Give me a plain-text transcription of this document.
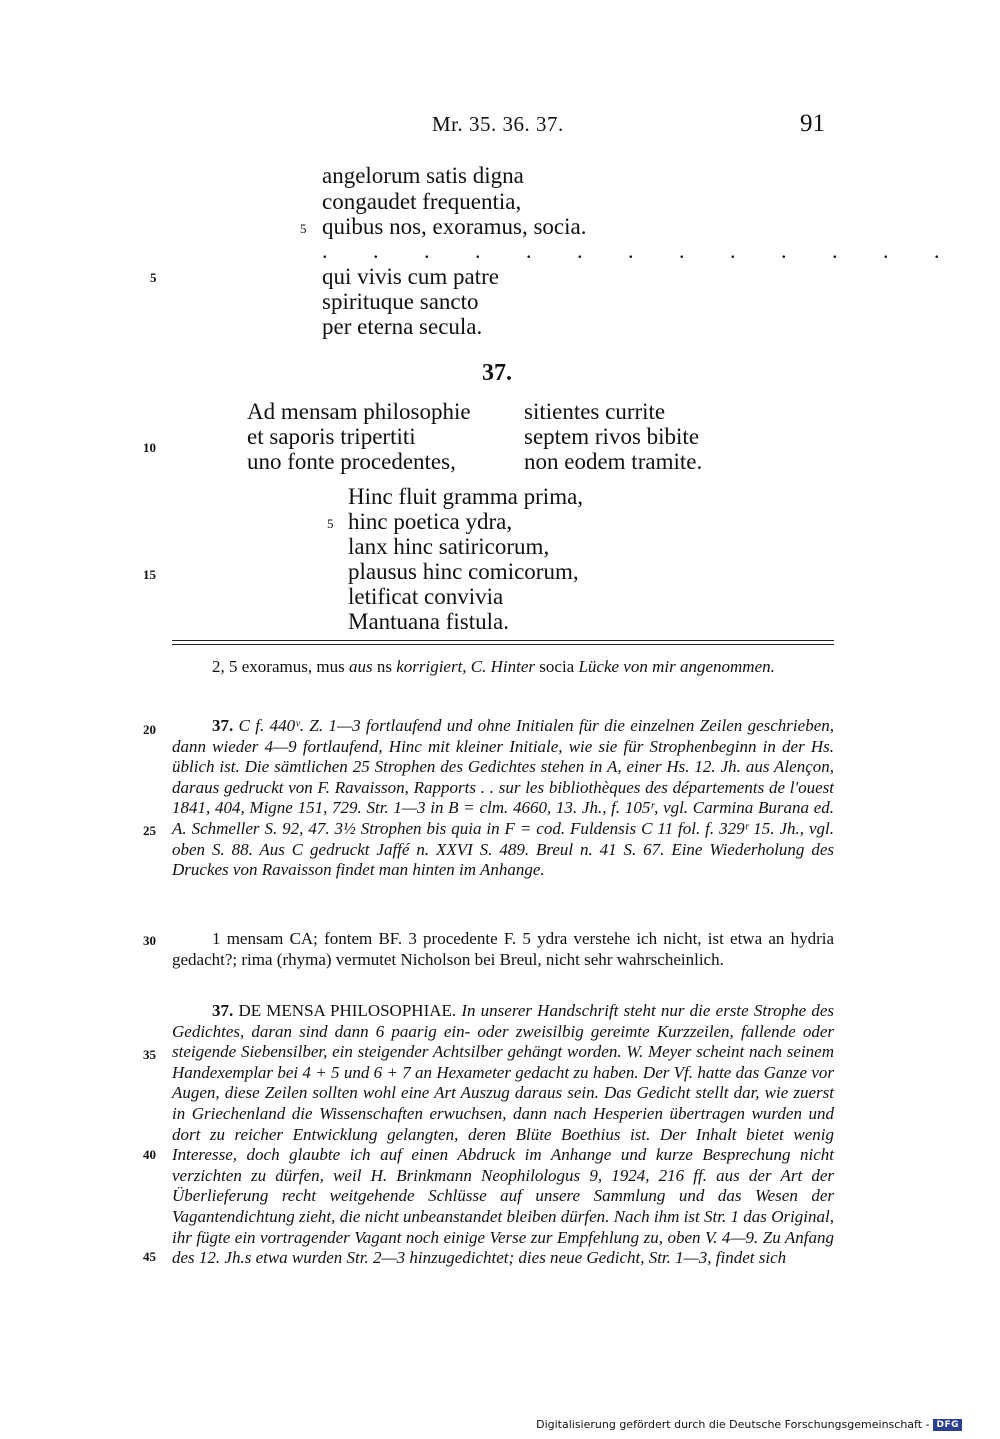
Mr. 35. 36. 37.	91
angelorum satis digna
congaudet frequentia,
5 quibus nos, exoramus, socia.
. . . . . . . . . . . . .
qui vivis cum patre
spirituque sancto
per eterna secula.
5
10
15
20
25
30
35
40
45
37.
Ad mensam philosophie
et saporis tripertiti
uno fonte procedentes,
sitientes currite
septem rivos bibite
non eodem tramite.
Hinc fluit gramma prima,
5 hinc poetica ydra,
lanx hinc satiricorum,
plausus hinc comicorum,
letificat convivia
Mantuana fistula.

2, 5 exoramus, mus aus ns korrigiert, C. Hinter socia Lücke von mir angenommen.

37. C f. 440ᵛ. Z. 1—3 fortlaufend und ohne Initialen für die einzelnen Zeilen geschrieben, dann wieder 4—9 fortlaufend, Hinc mit kleiner Initiale, wie sie für Strophenbeginn in der Hs. üblich ist. Die sämtlichen 25 Strophen des Gedichtes stehen in A, einer Hs. 12. Jh. aus Alençon, daraus gedruckt von F. Ravaisson, Rapports . . sur les bibliothèques des départements de l'ouest 1841, 404, Migne 151, 729. Str. 1—3 in B = clm. 4660, 13. Jh., f. 105ʳ, vgl. Carmina Burana ed. A. Schmeller S. 92, 47. 3½ Strophen bis quia in F = cod. Fuldensis C 11 fol. f. 329ʳ 15. Jh., vgl. oben S. 88. Aus C gedruckt Jaffé n. XXVI S. 489. Breul n. 41 S. 67. Eine Wiederholung des Druckes von Ravaisson findet man hinten im Anhange.

1 mensam CA; fontem BF. 3 procedente F. 5 ydra verstehe ich nicht, ist etwa an hydria gedacht?; rima (rhyma) vermutet Nicholson bei Breul, nicht sehr wahrscheinlich.

37. DE MENSA PHILOSOPHIAE. In unserer Handschrift steht nur die erste Strophe des Gedichtes, daran sind dann 6 paarig ein- oder zweisilbig gereimte Kurzzeilen, fallende oder steigende Siebensilber, ein steigender Achtsilber gehängt worden. W. Meyer scheint nach seinem Handexemplar bei 4 + 5 und 6 + 7 an Hexameter gedacht zu haben. Der Vf. hatte das Ganze vor Augen, diese Zeilen sollten wohl eine Art Auszug daraus sein. Das Gedicht stellt dar, wie zuerst in Griechenland die Wissenschaften erwuchsen, dann nach Hesperien übertragen wurden und dort zu reicher Entwicklung gelangten, deren Blüte Boethius ist. Der Inhalt bietet wenig Interesse, doch glaubte ich auf einen Abdruck im Anhange und kurze Besprechung nicht verzichten zu dürfen, weil H. Brinkmann Neophilologus 9, 1924, 216 ff. aus der Art der Überlieferung recht weitgehende Schlüsse auf unsere Sammlung und das Wesen der Vagantendichtung zieht, die nicht unbeanstandet bleiben dürfen. Nach ihm ist Str. 1 das Original, ihr fügte ein vortragender Vagant noch einige Verse zur Empfehlung zu, oben V. 4—9. Zu Anfang des 12. Jh.s etwa wurden Str. 2—3 hinzugedichtet; dies neue Gedicht, Str. 1—3, findet sich

Digitalisierung gefördert durch die Deutsche Forschungsgemeinschaft - DFG
